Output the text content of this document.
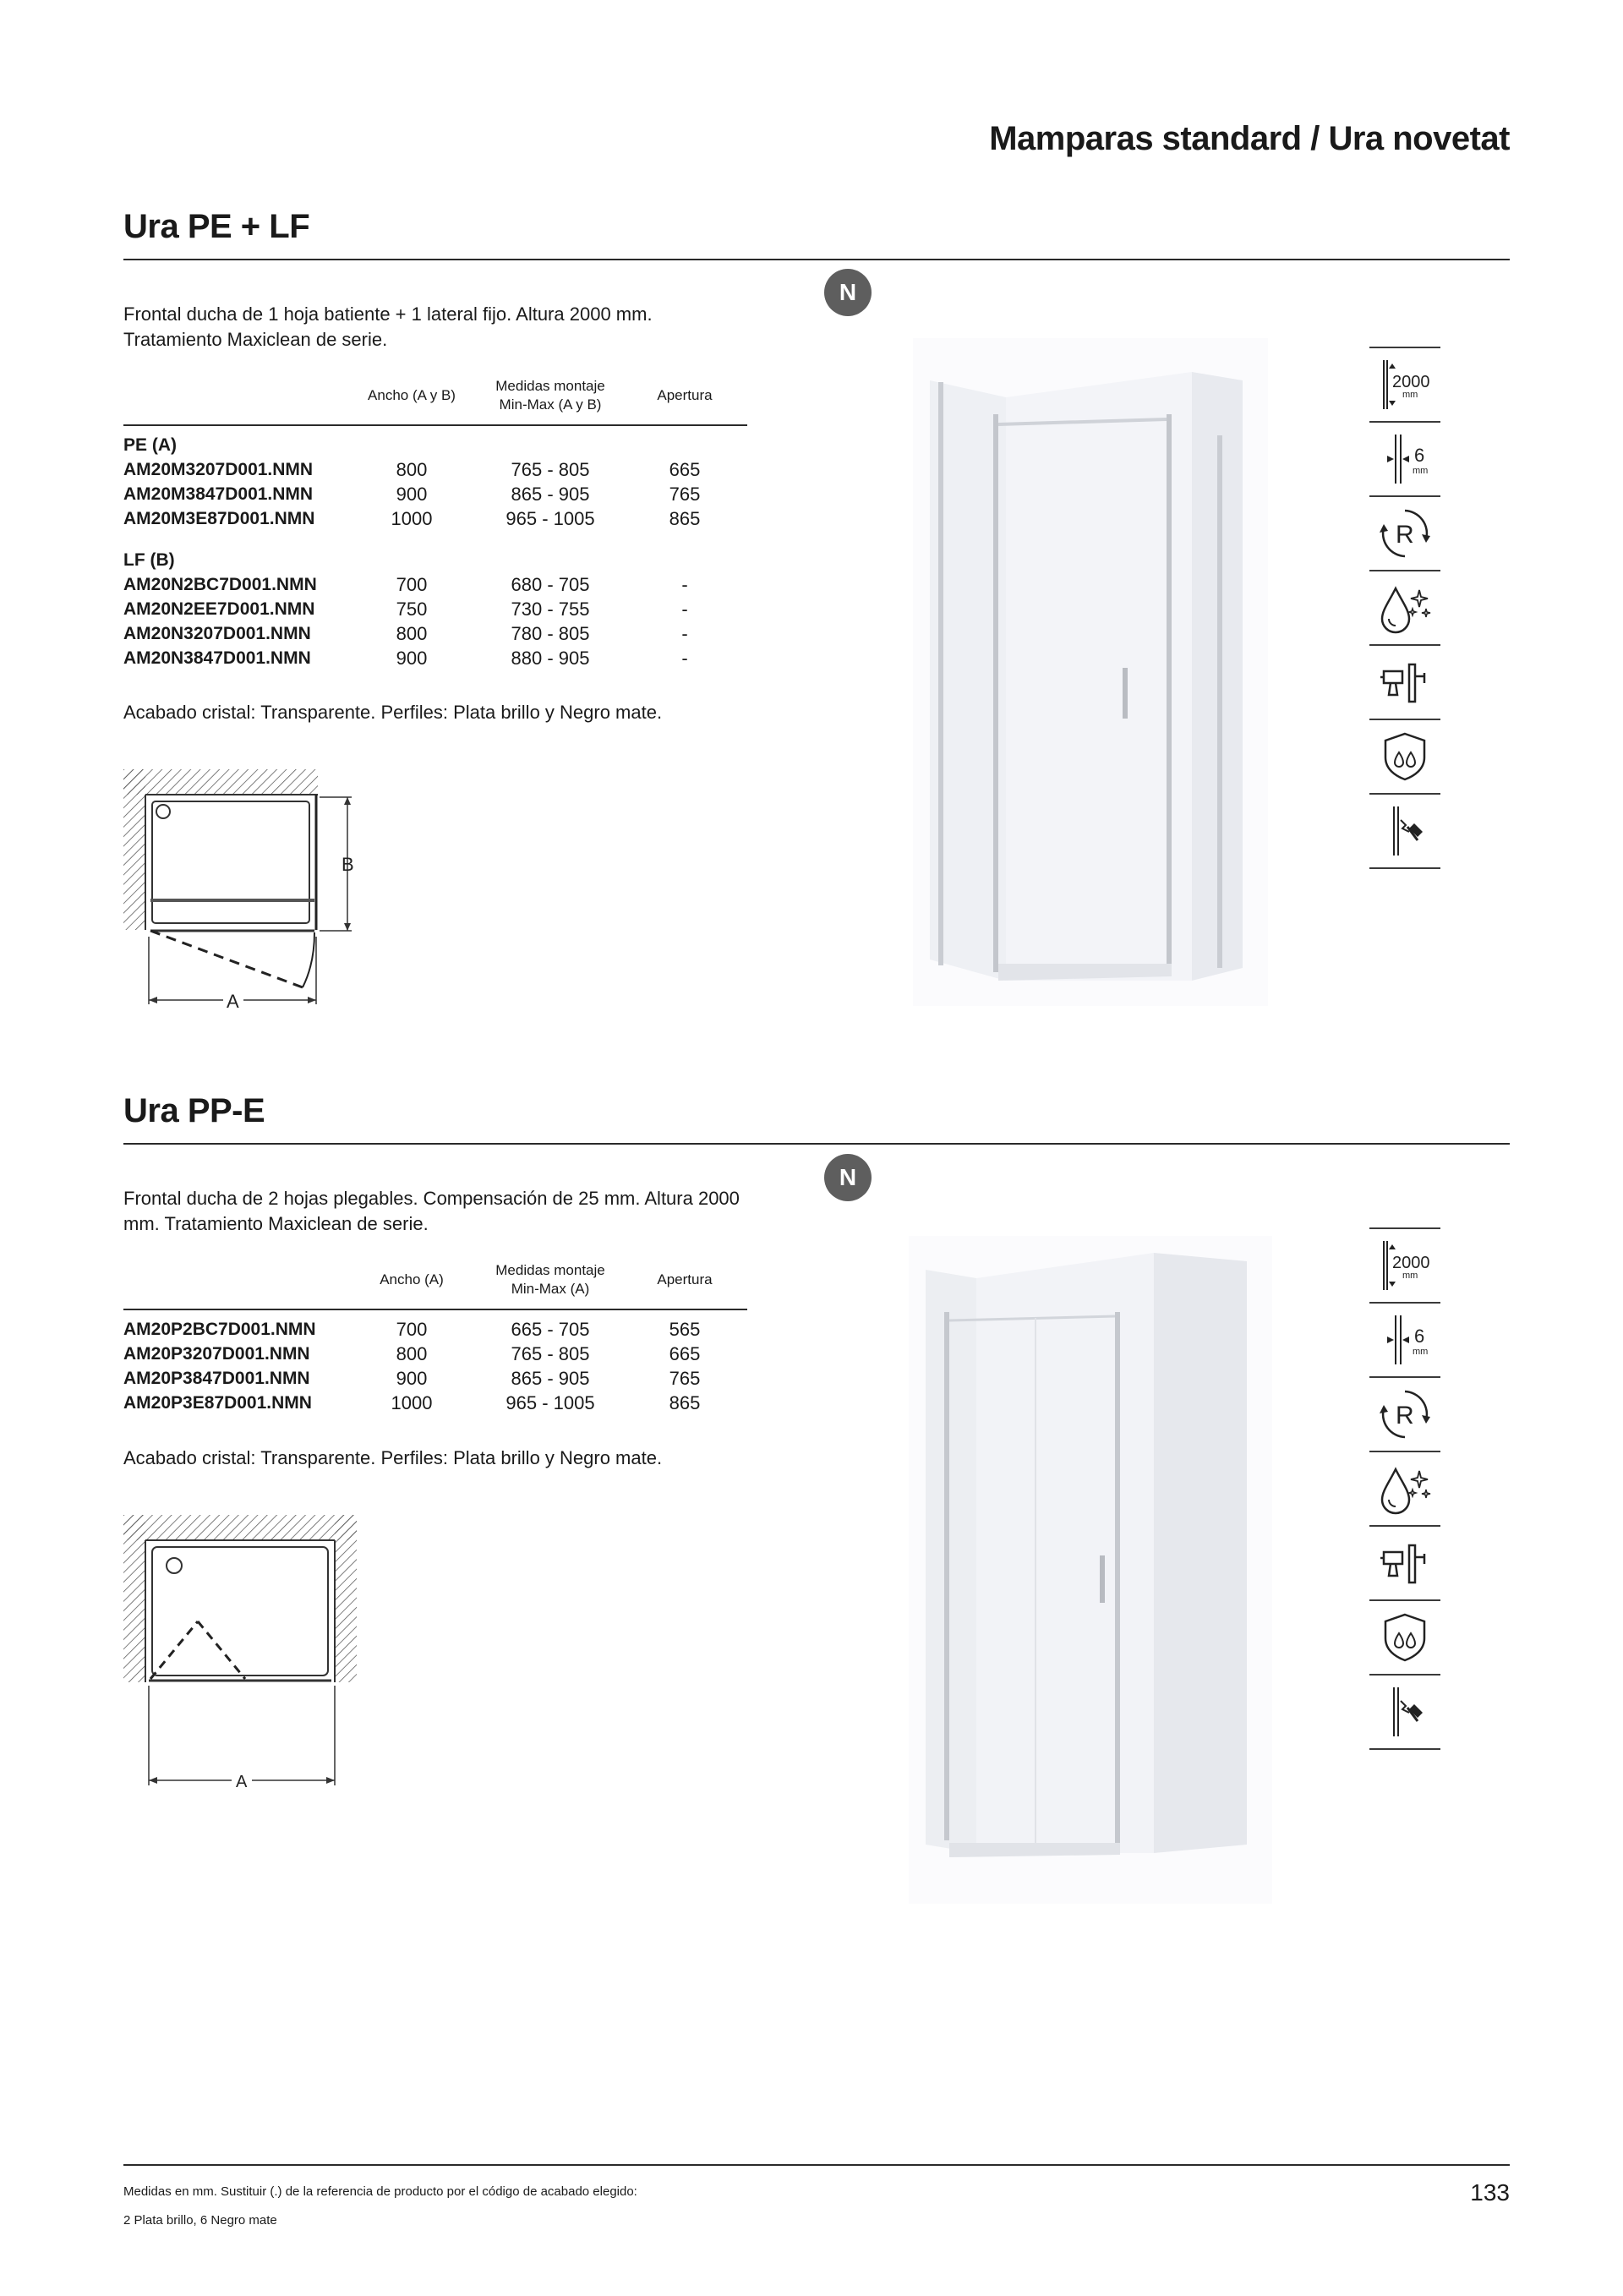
Mamparas standard / Ura novetat
Ura PE + LF
Frontal ducha de 1 hoja batiente + 1 lateral fijo. Altura 2000 mm. Tratamiento Maxiclean de serie.
N
	Ancho (A y B)	Medidas montaje
Min-Max (A y B)	Apertura
PE (A)			
AM20M3207D001.NMN	800	765 - 805	665
AM20M3847D001.NMN	900	865 - 905	765
AM20M3E87D001.NMN	1000	965 - 1005	865

LF (B)			
AM20N2BC7D001.NMN	700	680 - 705	-
AM20N2EE7D001.NMN	750	730 - 755	-
AM20N3207D001.NMN	800	780 - 805	-
AM20N3847D001.NMN	900	880 - 905	-
Acabado cristal: Transparente. Perfiles: Plata brillo y Negro mate.
B
A
2000
mm
6
mm
R
Ura PP-E
Frontal ducha de 2 hojas plegables. Compensación de 25 mm. Altura 2000 mm. Tratamiento Maxiclean de serie.
N
	Ancho (A)	Medidas montaje
Min-Max (A)	Apertura
AM20P2BC7D001.NMN	700	665 - 705	565
AM20P3207D001.NMN	800	765 - 805	665
AM20P3847D001.NMN	900	865 - 905	765
AM20P3E87D001.NMN	1000	965 - 1005	865
Acabado cristal: Transparente. Perfiles: Plata brillo y Negro mate.
A
2000
mm
6
mm
R
Medidas en mm. Sustituir (.) de la referencia de producto por el código de acabado elegido:
2 Plata brillo, 6 Negro mate
133
